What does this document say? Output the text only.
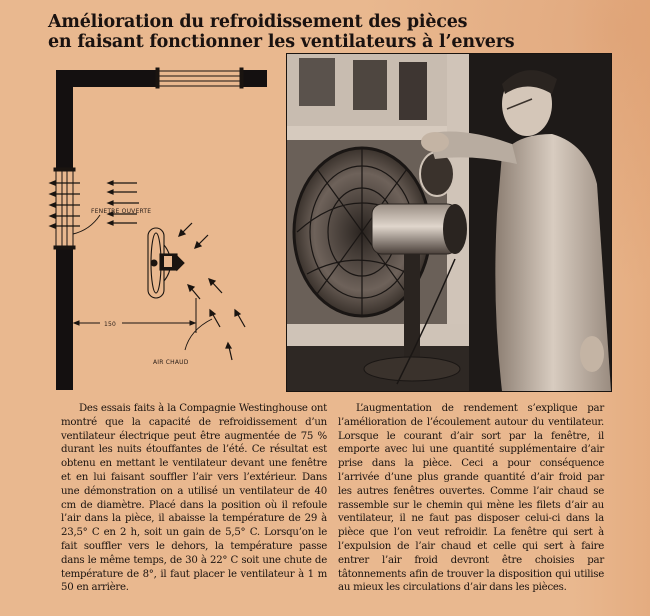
Amélioration du refroidissement des pièces
en faisant fonctionner les ventilateurs à l’envers
FENETRE OUVERTE
150
AIR CHAUD

Des essais faits à la Compagnie Westinghouse ont montré que la capacité de refroidissement d’un ventilateur électrique peut être augmentée de 75 % durant les nuits étouffantes de l’été. Ce résultat est obtenu en mettant le ventilateur devant une fenêtre et en lui faisant souffler l’air vers l’extérieur. Dans une démonstration on a utilisé un ventilateur de 40 cm de diamètre. Placé dans la position où il refoule l’air dans la pièce, il abaisse la température de 29 à 23,5° C en 2 h, soit un gain de 5,5° C. Lorsqu’on le fait souffler vers le dehors, la température passe dans le même temps, de 30 à 22° C soit une chute de température de 8°, il faut placer le ventilateur à 1 m 50 en arrière.

L’augmentation de rendement s’explique par l’amélioration de l’écoulement autour du ventilateur. Lorsque le courant d’air sort par la fenêtre, il emporte avec lui une quantité supplémentaire d’air prise dans la pièce. Ceci a pour conséquence l’arrivée d’une plus grande quantité d’air froid par les autres fenêtres ouvertes. Comme l’air chaud se rassemble sur le chemin qui mène les filets d’air au ventilateur, il ne faut pas disposer celui-ci dans la pièce que l’on veut refroidir. La fenêtre qui sert à l’expulsion de l’air chaud et celle qui sert à faire entrer l’air froid devront être choisies par tâtonnements afin de trouver la disposition qui utilise au mieux les circulations d’air dans les pièces.
